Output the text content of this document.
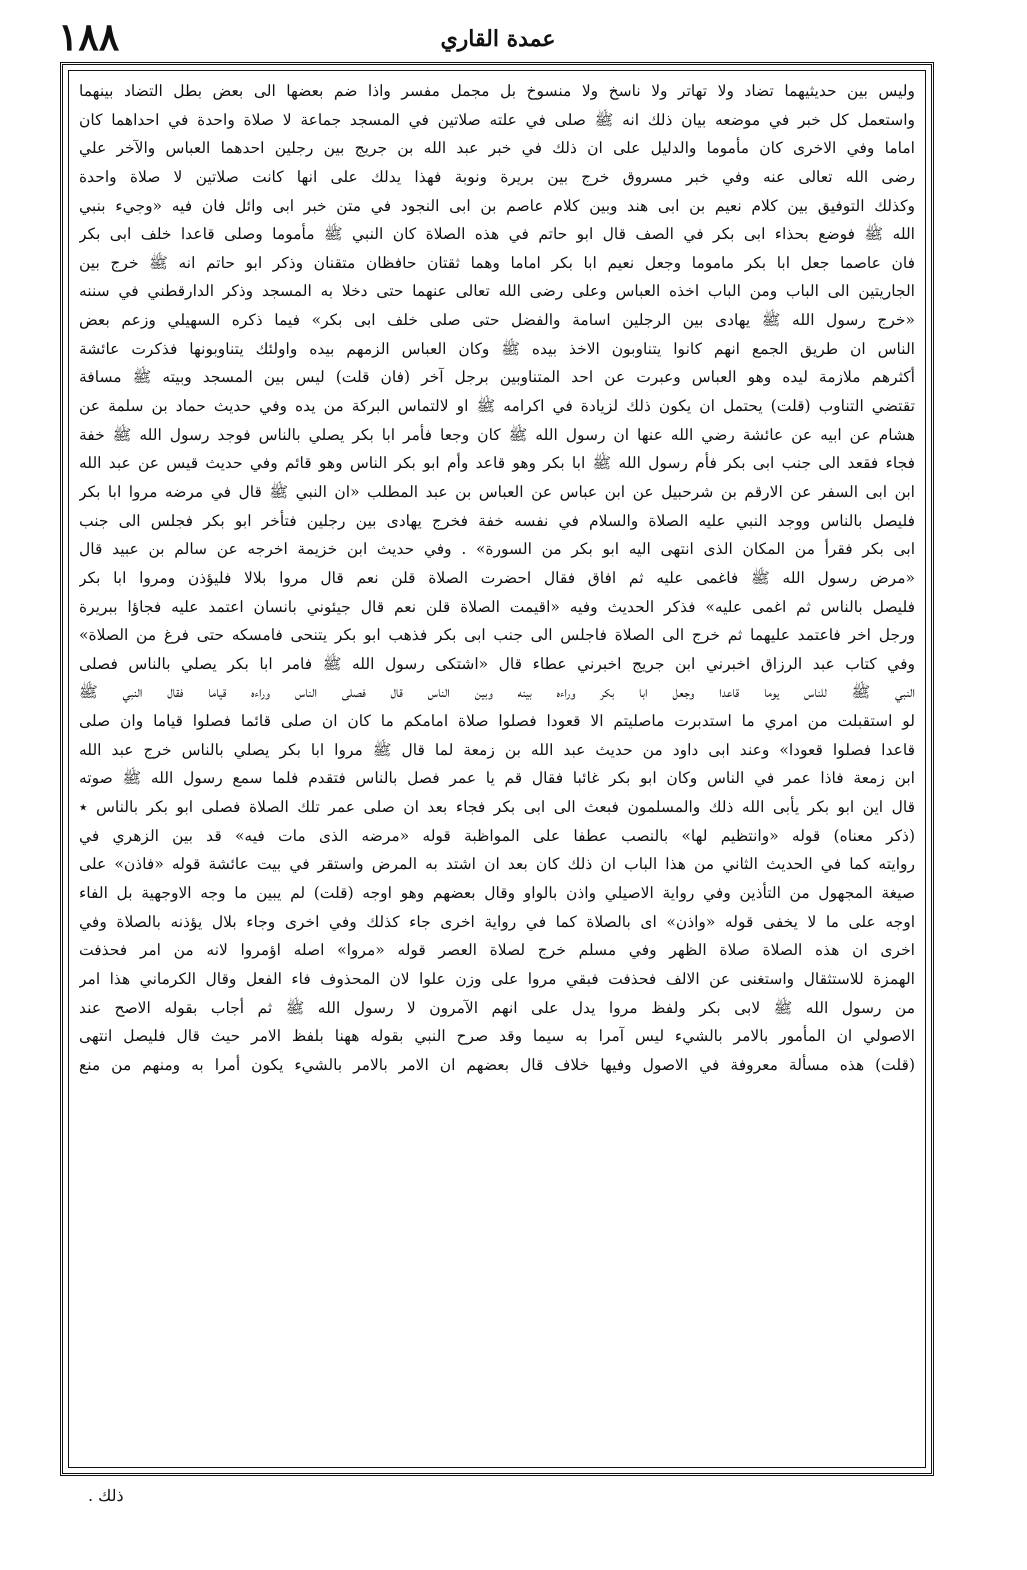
عمدة القاري
١٨٨
وليس بين حديثيهما تضاد ولا تهاتر ولا ناسخ ولا منسوخ بل مجمل مفسر واذا ضم بعضها الى بعض بطل التضاد بينهما
واستعمل كل خبر في موضعه بيان ذلك انه ﷺ صلى في علته صلاتين في المسجد جماعة لا صلاة واحدة في احداهما كان
اماما وفي الاخرى كان مأموما والدليل على ان ذلك في خبر عبد الله بن جريج بين رجلين احدهما العباس والآخر علي
رضى الله تعالى عنه وفي خبر مسروق خرج بين بريرة ونوبة فهذا يدلك على انها كانت صلاتين لا صلاة واحدة
وكذلك التوفيق بين كلام نعيم بن ابى هند وبين كلام عاصم بن ابى النجود في متن خبر ابى وائل فان فيه «وجيء بنبي
الله ﷺ فوضع بحذاء ابى بكر في الصف قال ابو حاتم في هذه الصلاة كان النبي ﷺ مأموما وصلى قاعدا خلف ابى بكر
فان عاصما جعل ابا بكر ماموما وجعل نعيم ابا بكر اماما وهما ثقتان حافظان متقنان وذكر ابو حاتم انه ﷺ خرج بين
الجاريتين الى الباب ومن الباب اخذه العباس وعلى رضى الله تعالى عنهما حتى دخلا به المسجد وذكر الدارقطني في سننه
«خرج رسول الله ﷺ يهادى بين الرجلين اسامة والفضل حتى صلى خلف ابى بكر» فيما ذكره السهيلي وزعم بعض
الناس ان طريق الجمع انهم كانوا يتناوبون الاخذ بيده ﷺ وكان العباس الزمهم بيده واولئك يتناوبونها فذكرت عائشة
أكثرهم ملازمة ليده وهو العباس وعبرت عن احد المتناوبين برجل آخر (فان قلت) ليس بين المسجد وبيته ﷺ مسافة
تقتضي التناوب (قلت) يحتمل ان يكون ذلك لزيادة في اكرامه ﷺ او لالتماس البركة من يده وفي حديث حماد بن سلمة عن
هشام عن ابيه عن عائشة رضي الله عنها ان رسول الله ﷺ كان وجعا فأمر ابا بكر يصلي بالناس فوجد رسول الله ﷺ خفة
فجاء فقعد الى جنب ابى بكر فأم رسول الله ﷺ ابا بكر وهو قاعد وأم ابو بكر الناس وهو قائم وفي حديث قيس عن عبد الله
ابن ابى السفر عن الارقم بن شرحبيل عن ابن عباس عن العباس بن عبد المطلب «ان النبي ﷺ قال في مرضه مروا ابا بكر
فليصل بالناس ووجد النبي عليه الصلاة والسلام في نفسه خفة فخرج يهادى بين رجلين فتأخر ابو بكر فجلس الى جنب
ابى بكر فقرأ من المكان الذى انتهى اليه ابو بكر من السورة» . وفي حديث ابن خزيمة اخرجه عن سالم بن عبيد قال
«مرض رسول الله ﷺ فاغمى عليه ثم افاق فقال احضرت الصلاة قلن نعم قال مروا بلالا فليؤذن ومروا ابا بكر
فليصل بالناس ثم اغمى عليه» فذكر الحديث وفيه «اقيمت الصلاة قلن نعم قال جيئوني بانسان اعتمد عليه فجاؤا ببريرة
ورجل اخر فاعتمد عليهما ثم خرج الى الصلاة فاجلس الى جنب ابى بكر فذهب ابو بكر يتنحى فامسكه حتى فرغ من الصلاة»
وفي كتاب عبد الرزاق اخبرني ابن جريج اخبرني عطاء قال «اشتكى رسول الله ﷺ فامر ابا بكر يصلي بالناس فصلى
النبي ﷺ للناس يوما قاعدا وجعل ابا بكر وراءه بينه وبين الناس قال فصلى الناس وراءه قياما فقال النبي ﷺ
لو استقبلت من امري ما استدبرت ماصليتم الا قعودا فصلوا صلاة امامكم ما كان ان صلى قائما فصلوا قياما وان صلى
قاعدا فصلوا قعودا» وعند ابى داود من حديث عبد الله بن زمعة لما قال ﷺ مروا ابا بكر يصلي بالناس خرج عبد الله
ابن زمعة فاذا عمر في الناس وكان ابو بكر غائبا فقال قم يا عمر فصل بالناس فتقدم فلما سمع رسول الله ﷺ صوته
قال اين ابو بكر يأبى الله ذلك والمسلمون فبعث الى ابى بكر فجاء بعد ان صلى عمر تلك الصلاة فصلى ابو بكر بالناس ٭
(ذكر معناه) قوله «وانتظيم لها» بالنصب عطفا على المواظبة قوله «مرضه الذى مات فيه» قد بين الزهري في
روايته كما في الحديث الثاني من هذا الباب ان ذلك كان بعد ان اشتد به المرض واستقر في بيت عائشة قوله «فاذن» على
صيغة المجهول من التأذين وفي رواية الاصيلي واذن بالواو وقال بعضهم وهو اوجه (قلت) لم يبين ما وجه الاوجهية بل الفاء
اوجه على ما لا يخفى قوله «واذن» اى بالصلاة كما في رواية اخرى جاء كذلك وفي اخرى وجاء بلال يؤذنه بالصلاة وفي
اخرى ان هذه الصلاة صلاة الظهر وفي مسلم خرج لصلاة العصر قوله «مروا» اصله اؤمروا لانه من امر فحذفت
الهمزة للاستثقال واستغنى عن الالف فحذفت فبقي مروا على وزن علوا لان المحذوف فاء الفعل وقال الكرماني هذا امر
من رسول الله ﷺ لابى بكر ولفظ مروا يدل على انهم الآمرون لا رسول الله ﷺ ثم أجاب بقوله الاصح عند
الاصولي ان المأمور بالامر بالشيء ليس آمرا به سيما وقد صرح النبي بقوله ههنا بلفظ الامر حيث قال فليصل انتهى
(قلت) هذه مسألة معروفة في الاصول وفيها خلاف قال بعضهم ان الامر بالامر بالشيء يكون أمرا به ومنهم من منع
ذلك .
